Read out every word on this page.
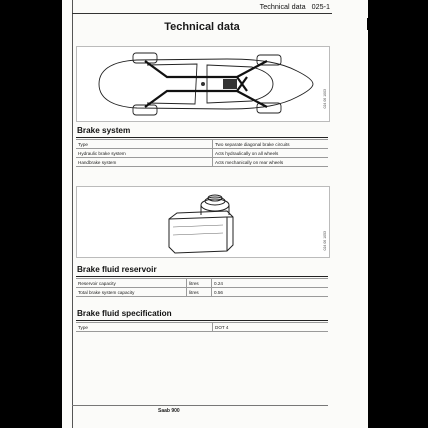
Technical data   025-1
Technical data
024 06 1003
Brake system
Type	Two separate diagonal brake circuits
Hydraulic brake system	Acts hydraulically on all wheels
Handbrake system	Acts mechanically on rear wheels
024 06 1053
Brake fluid reservoir
Reservoir capacity	litres	0.24
Total brake system capacity	litres	0.56
Brake fluid specification
Type	DOT 4
Saab 900
